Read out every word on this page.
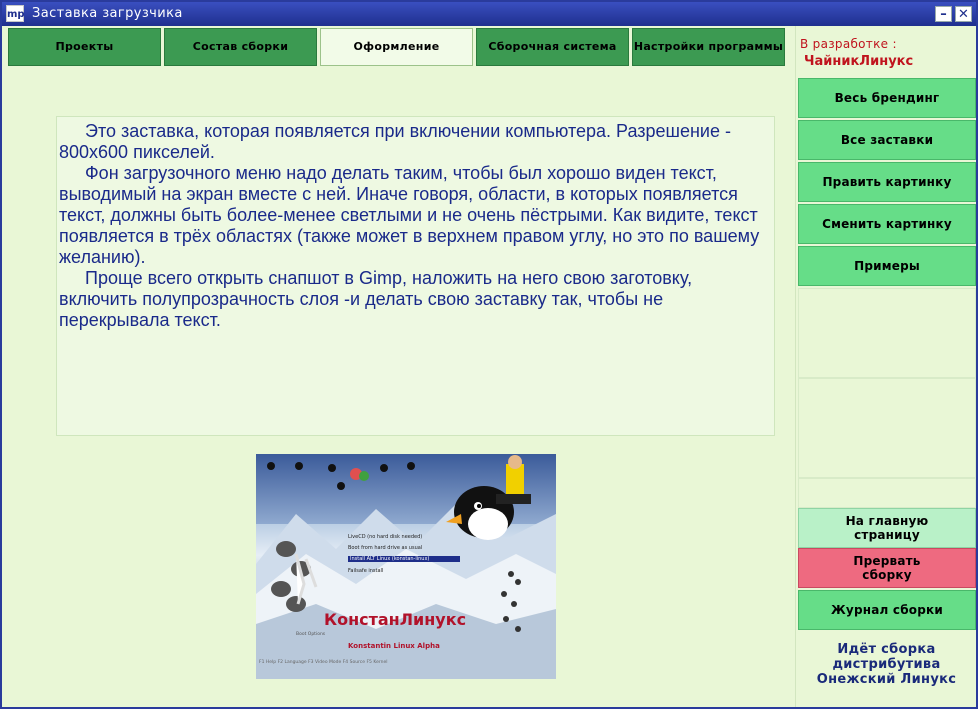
mp Заставка загрузчика	– ✕
Проекты	Состав сборки	Оформление	Сборочная система	Настройки программы

Это заставка, которая появляется при включении компьютера. Разрешение - 800x600 пикселей.

Фон загрузочного меню надо делать таким, чтобы был хорошо виден текст, выводимый на экран вместе с ней. Иначе говоря, области, в которых появляется текст, должны быть более-менее светлыми и не очень пёстрыми. Как видите, текст появляется в трёх областях (также может в верхнем правом углу, но это по вашему желанию).

Проще всего открыть снапшот в Gimp, наложить на него свою заготовку, включить полупрозрачность слоя -и делать свою заставку так, чтобы не перекрывала текст.

LiveCD (no hard disk needed)
Boot from hard drive as usual
Install ALT Linux (konstan-linux)
Failsafe install
КонстанЛинукс
Boot Options
Konstantin Linux Alpha
F1 Help F2 Language F3 Video Mode F4 Source F5 Kernel
В разработке :
ЧайникЛинукс
Весь брендинг
Все заставки
Править картинку
Сменить картинку
Примеры
На главную
страницу
Прервать
сборку
Журнал сборки
Идёт сборка
дистрибутива
Онежский Линукс
